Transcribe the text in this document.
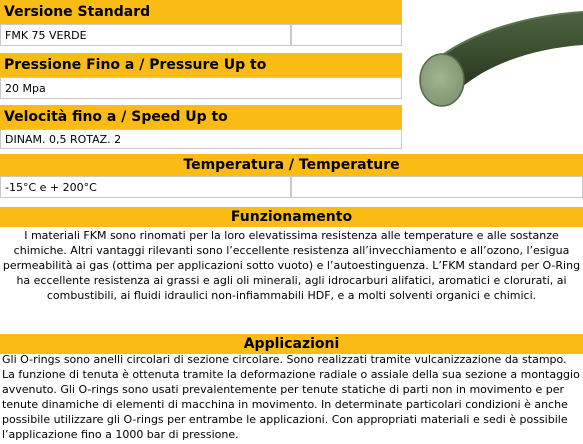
Versione Standard
FMK 75 VERDE
Pressione Fino a / Pressure Up to
20 Mpa
Velocità fino a / Speed Up to
DINAM. 0,5 ROTAZ. 2
Temperatura / Temperature
-15°C e + 200°C
Funzionamento
I materiali FKM sono rinomati per la loro elevatissima resistenza alle temperature e alle sostanze chimiche. Altri vantaggi rilevanti sono l’eccellente resistenza all’invecchiamento e all’ozono, l’esigua permeabilità ai gas (ottima per applicazioni sotto vuoto) e l’autoestinguenza. L’FKM standard per O-Ring ha eccellente resistenza ai grassi e agli oli minerali, agli idrocarburi alifatici, aromatici e clorurati, ai combustibili, ai fluidi idraulici non-infiammabili HDF, e a molti solventi organici e chimici.
Applicazioni
Gli O-rings sono anelli circolari di sezione circolare. Sono realizzati tramite vulcanizzazione da stampo. La funzione di tenuta è ottenuta tramite la deformazione radiale o assiale della sua sezione a montaggio avvenuto. Gli O-rings sono usati prevalentemente per tenute statiche di parti non in movimento e per tenute dinamiche di elementi di macchina in movimento. In determinate particolari condizioni è anche possibile utilizzare gli O-rings per entrambe le applicazioni. Con appropriati materiali e sedi è possibile l’applicazione fino a 1000 bar di pressione.
